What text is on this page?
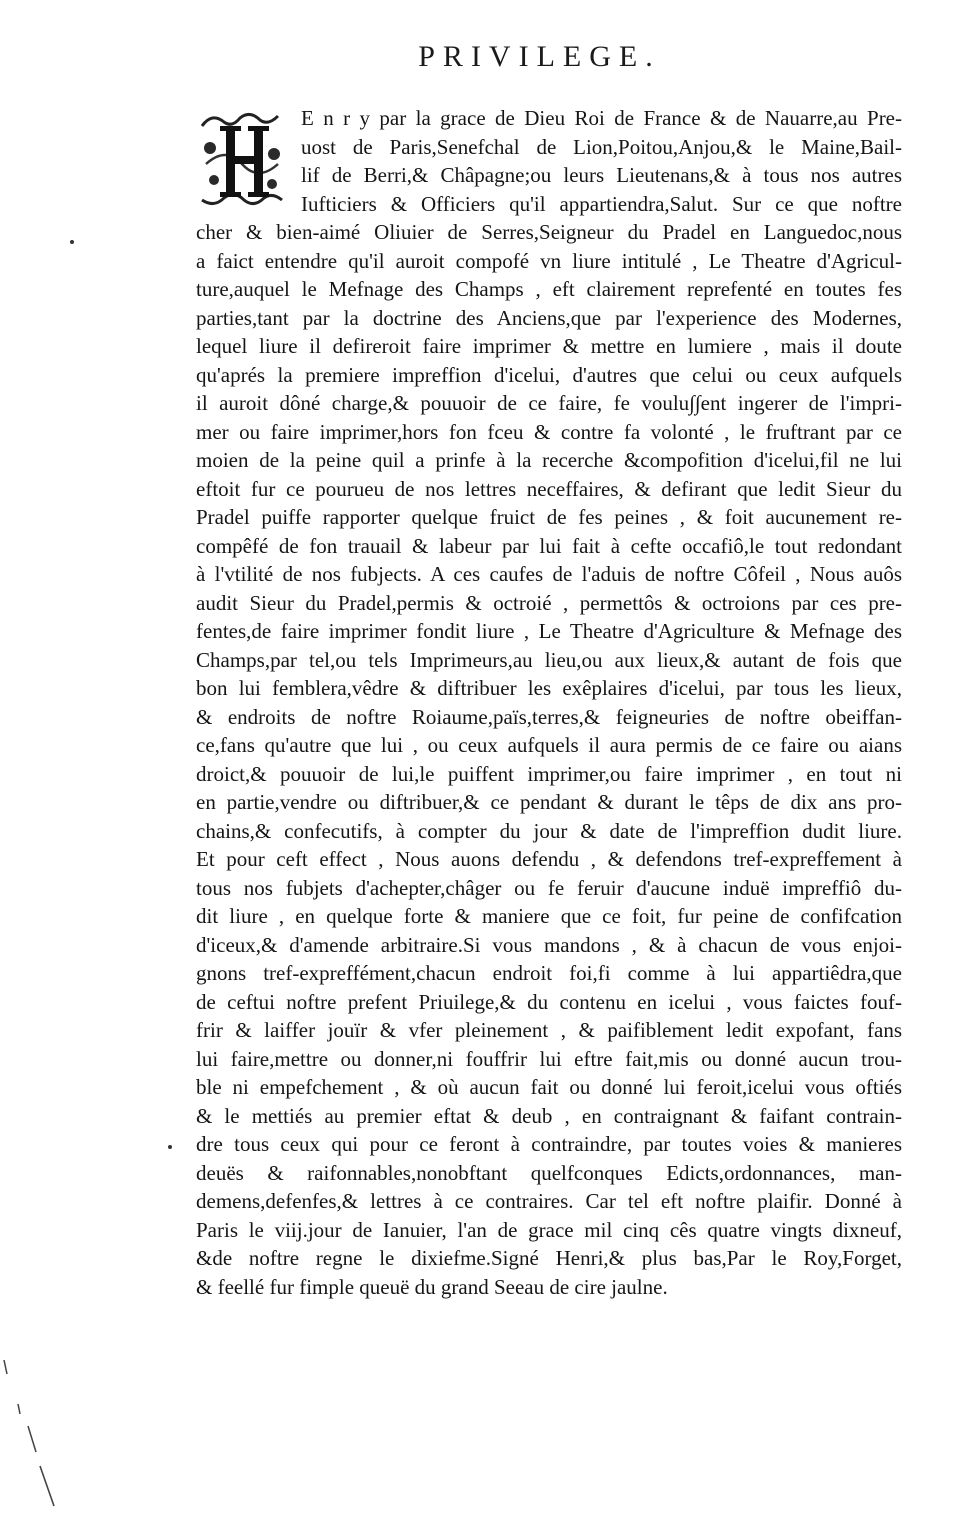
PRIVILEGE.
E n r y par la grace de Dieu Roi de France & de Nauarre,au Pre-
uost de Paris,Senefchal de Lion,Poitou,Anjou,& le Maine,Bail-
lif de Berri,& Châpagne;ou leurs Lieutenans,& à tous nos autres
Iufticiers & Officiers qu'il appartiendra,Salut. Sur ce que noftre
cher & bien-aimé Oliuier de Serres,Seigneur du Pradel en Languedoc,nous
a faict entendre qu'il auroit compofé vn liure intitulé , Le Theatre d'Agricul-
ture,auquel le Mefnage des Champs , eft clairement reprefenté en toutes fes
parties,tant par la doctrine des Anciens,que par l'experience des Modernes,
lequel liure il defireroit faire imprimer & mettre en lumiere , mais il doute
qu'aprés la premiere impreffion d'icelui, d'autres que celui ou ceux aufquels
il auroit dôné charge,& pouuoir de ce faire, fe voulu∫∫ent ingerer de l'impri-
mer ou faire imprimer,hors fon fceu & contre fa volonté , le fruftrant par ce
moien de la peine quil a prinfe à la recerche &compofition d'icelui,fil ne lui
eftoit fur ce pourueu de nos lettres neceffaires, & defirant que ledit Sieur du
Pradel puiffe rapporter quelque fruict de fes peines , & foit aucunement re-
compêfé de fon trauail & labeur par lui fait à cefte occafiô,le tout redondant
à l'vtilité de nos fubjects. A ces caufes de l'aduis de noftre Côfeil , Nous auôs
audit Sieur du Pradel,permis & octroié , permettôs & octroions par ces pre-
fentes,de faire imprimer fondit liure , Le Theatre d'Agriculture & Mefnage des
Champs,par tel,ou tels Imprimeurs,au lieu,ou aux lieux,& autant de fois que
bon lui femblera,vêdre & diftribuer les exêplaires d'icelui, par tous les lieux,
& endroits de noftre Roiaume,païs,terres,& feigneuries de noftre obeiffan-
ce,fans qu'autre que lui , ou ceux aufquels il aura permis de ce faire ou aians
droict,& pouuoir de lui,le puiffent imprimer,ou faire imprimer , en tout ni
en partie,vendre ou diftribuer,& ce pendant & durant le têps de dix ans pro-
chains,& confecutifs, à compter du jour & date de l'impreffion dudit liure.
Et pour ceft effect , Nous auons defendu , & defendons tref-expreffement à
tous nos fubjets d'achepter,châger ou fe feruir d'aucune induë impreffiô du-
dit liure , en quelque forte & maniere que ce foit, fur peine de confifcation
d'iceux,& d'amende arbitraire.Si vous mandons , & à chacun de vous enjoi-
gnons tref-expreffément,chacun endroit foi,fi comme à lui appartiêdra,que
de ceftui noftre prefent Priuilege,& du contenu en icelui , vous faictes fouf-
frir & laiffer jouïr & vfer pleinement , & paifiblement ledit expofant, fans
lui faire,mettre ou donner,ni fouffrir lui eftre fait,mis ou donné aucun trou-
ble ni empefchement , & où aucun fait ou donné lui feroit,icelui vous oftiés
& le mettiés au premier eftat & deub , en contraignant & faifant contrain-
dre tous ceux qui pour ce feront à contraindre, par toutes voies & manieres
deuës & raifonnables,nonobftant quelfconques Edicts,ordonnances, man-
demens,defenfes,& lettres à ce contraires. Car tel eft noftre plaifir. Donné à
Paris le viij.jour de Ianuier, l'an de grace mil cinq cês quatre vingts dixneuf,
&de noftre regne le dixiefme.Signé Henri,& plus bas,Par le Roy,Forget,
& feellé fur fimple queuë du grand Seeau de cire jaulne.
